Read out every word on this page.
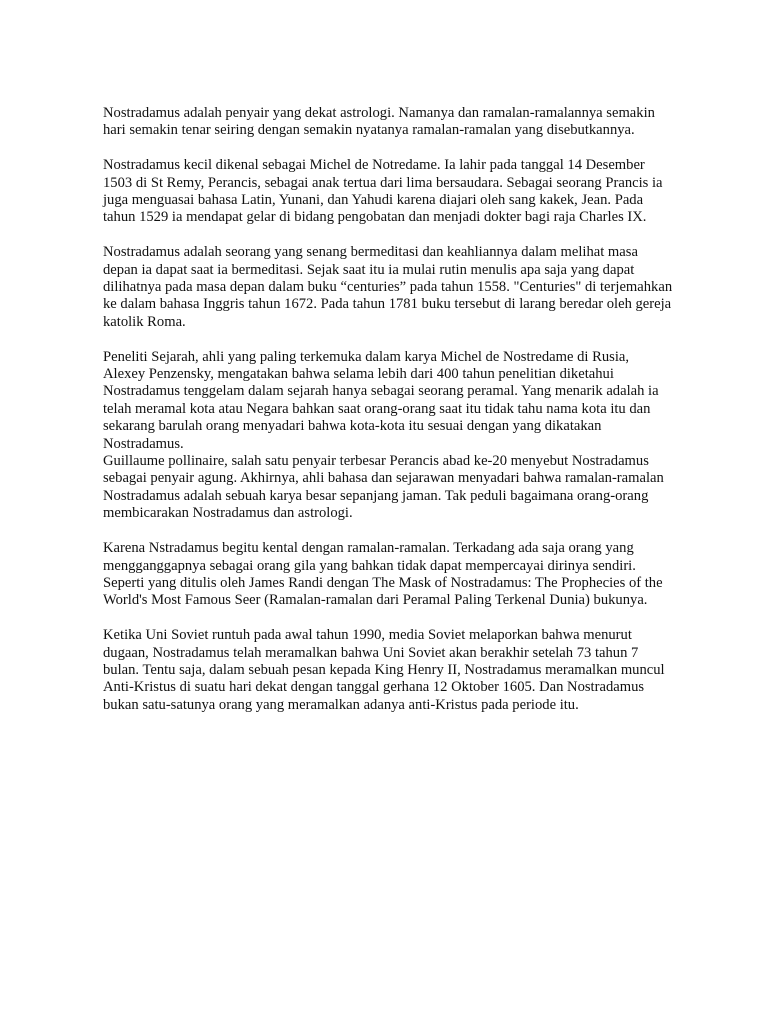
Nostradamus adalah penyair yang dekat astrologi. Namanya dan ramalan-ramalannya semakin
hari semakin tenar seiring dengan semakin nyatanya ramalan-ramalan yang disebutkannya.
Nostradamus kecil dikenal sebagai Michel de Notredame. Ia lahir pada tanggal 14 Desember
1503 di St Remy, Perancis, sebagai anak tertua dari lima bersaudara. Sebagai seorang Prancis ia
juga menguasai bahasa Latin, Yunani, dan Yahudi karena diajari oleh sang kakek, Jean. Pada
tahun 1529 ia mendapat gelar di bidang pengobatan dan menjadi dokter bagi raja Charles IX.
Nostradamus adalah seorang yang senang bermeditasi dan keahliannya dalam melihat masa
depan ia dapat saat ia bermeditasi. Sejak saat itu ia mulai rutin menulis apa saja yang dapat
dilihatnya pada masa depan dalam buku “centuries” pada tahun 1558. "Centuries" di terjemahkan
ke dalam bahasa Inggris tahun 1672. Pada tahun 1781 buku tersebut di larang beredar oleh gereja
katolik Roma.
Peneliti Sejarah, ahli yang paling terkemuka dalam karya Michel de Nostredame di Rusia,
Alexey Penzensky, mengatakan bahwa selama lebih dari 400 tahun penelitian diketahui
Nostradamus tenggelam dalam sejarah hanya sebagai seorang peramal. Yang menarik adalah ia
telah meramal kota atau Negara bahkan saat orang-orang saat itu tidak tahu nama kota itu dan
sekarang barulah orang menyadari bahwa kota-kota itu sesuai dengan yang dikatakan
Nostradamus.
Guillaume pollinaire, salah satu penyair terbesar Perancis abad ke-20 menyebut Nostradamus
sebagai penyair agung. Akhirnya, ahli bahasa dan sejarawan menyadari bahwa ramalan-ramalan
Nostradamus adalah sebuah karya besar sepanjang jaman. Tak peduli bagaimana orang-orang
membicarakan Nostradamus dan astrologi.
Karena Nstradamus begitu kental dengan ramalan-ramalan. Terkadang ada saja orang yang
mengganggapnya sebagai orang gila yang bahkan tidak dapat mempercayai dirinya sendiri.
Seperti yang ditulis oleh James Randi dengan The Mask of Nostradamus: The Prophecies of the
World's Most Famous Seer (Ramalan-ramalan dari Peramal Paling Terkenal Dunia) bukunya.
Ketika Uni Soviet runtuh pada awal tahun 1990, media Soviet melaporkan bahwa menurut
dugaan, Nostradamus telah meramalkan bahwa Uni Soviet akan berakhir setelah 73 tahun 7
bulan. Tentu saja, dalam sebuah pesan kepada King Henry II, Nostradamus meramalkan muncul
Anti-Kristus di suatu hari dekat dengan tanggal gerhana 12 Oktober 1605. Dan Nostradamus
bukan satu-satunya orang yang meramalkan adanya anti-Kristus pada periode itu.
